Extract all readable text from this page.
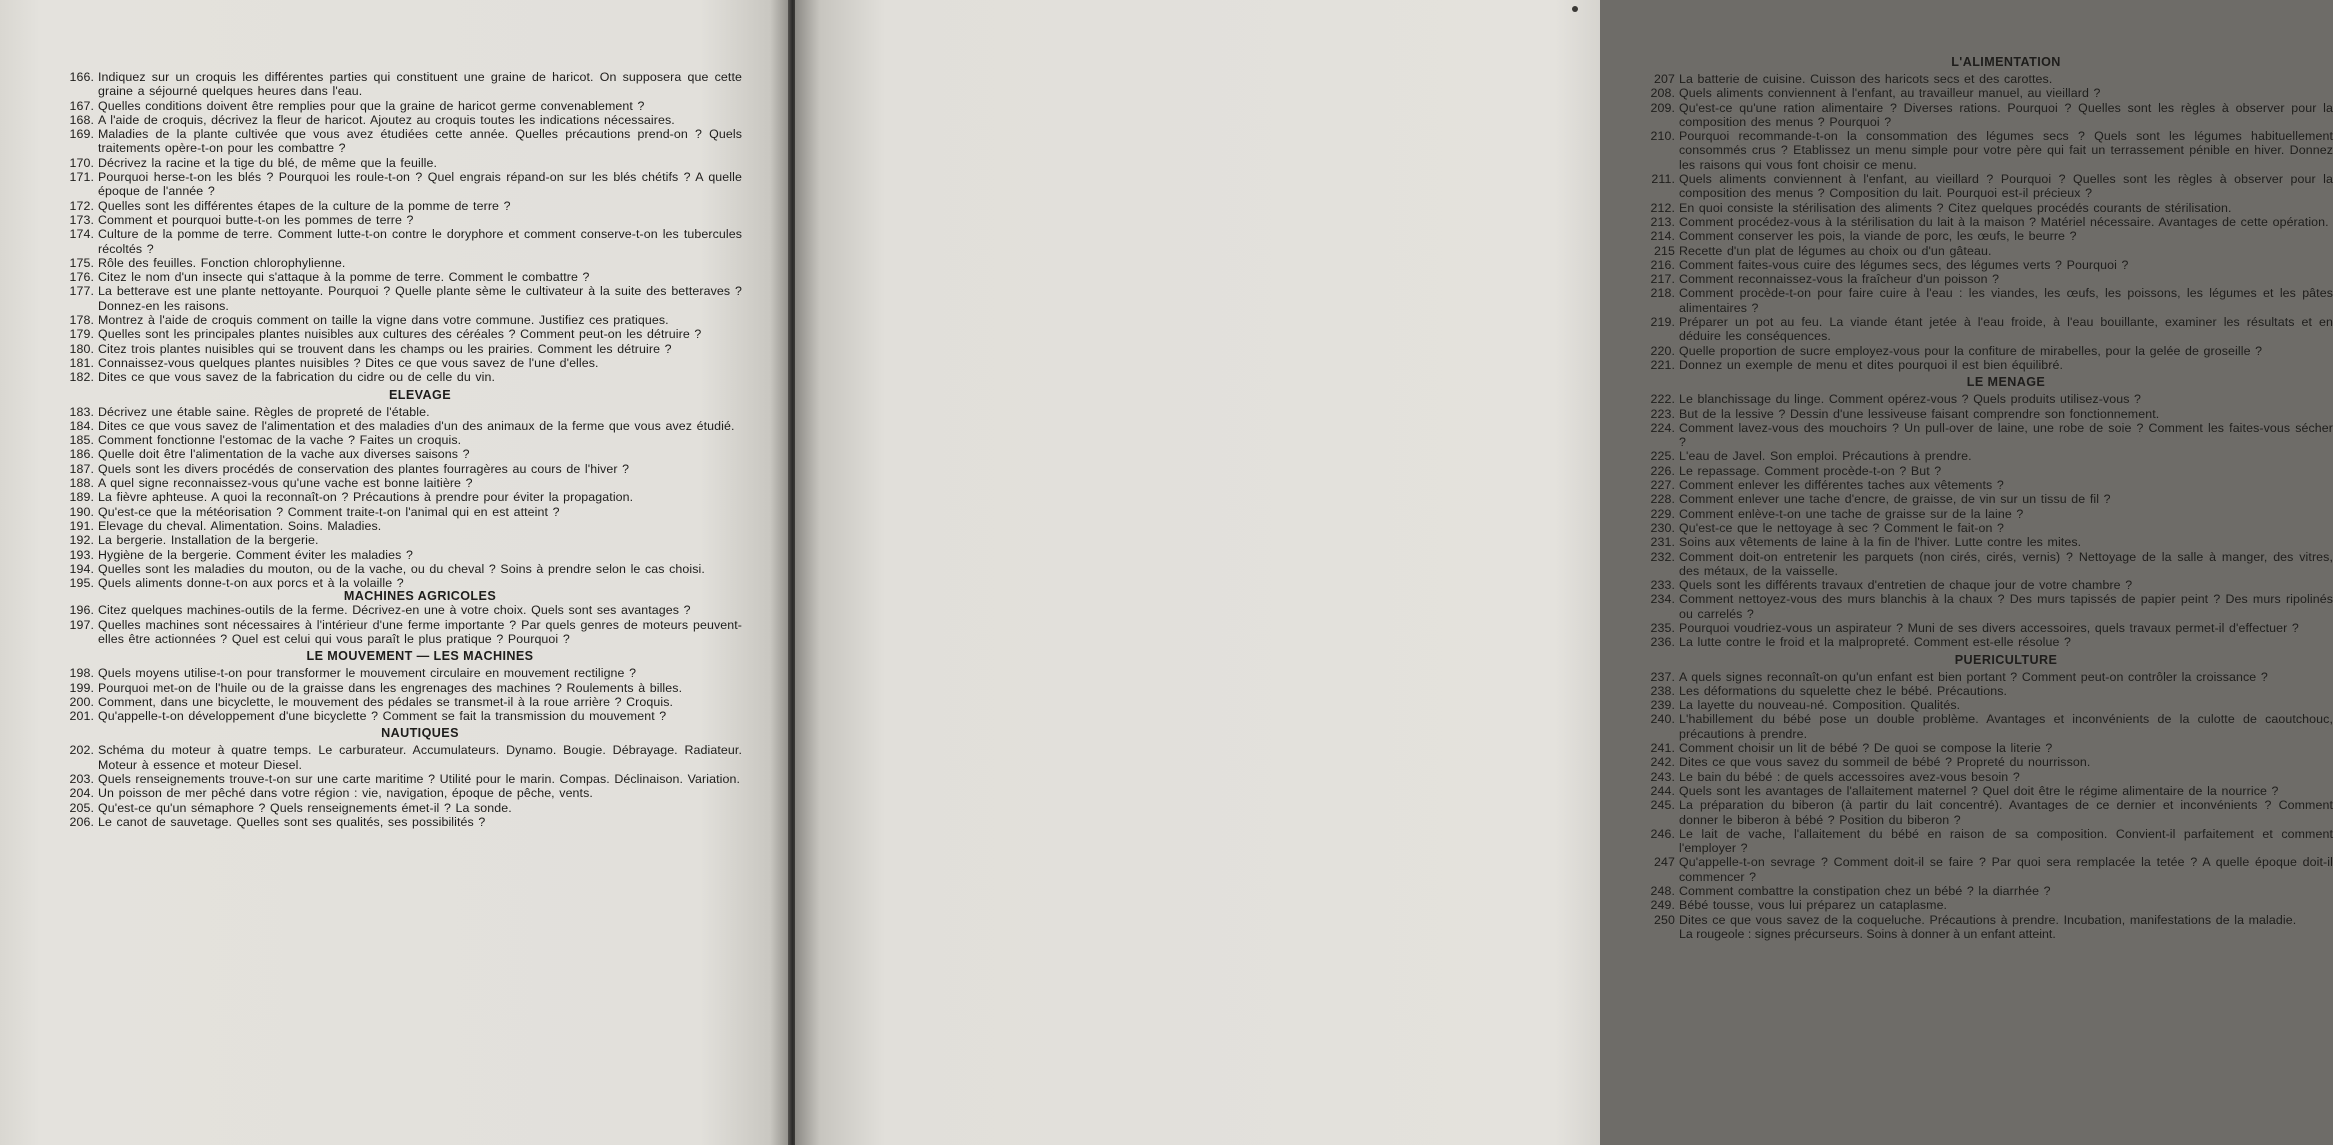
166. Indiquez sur un croquis les différentes parties qui constituent une graine de haricot. On supposera que cette graine a séjourné quelques heures dans l'eau.
167. Quelles conditions doivent être remplies pour que la graine de haricot germe convenablement ?
168. A l'aide de croquis, décrivez la fleur de haricot. Ajoutez au croquis toutes les indications nécessaires.
169. Maladies de la plante cultivée que vous avez étudiées cette année. Quelles précautions prend-on ? Quels traitements opère-t-on pour les combattre ?
170. Décrivez la racine et la tige du blé, de même que la feuille.
171. Pourquoi herse-t-on les blés ? Pourquoi les roule-t-on ? Quel engrais répand-on sur les blés chétifs ? A quelle époque de l'année ?
172. Quelles sont les différentes étapes de la culture de la pomme de terre ?
173. Comment et pourquoi butte-t-on les pommes de terre ?
174. Culture de la pomme de terre. Comment lutte-t-on contre le doryphore et comment conserve-t-on les tubercules récoltés ?
175. Rôle des feuilles. Fonction chlorophylienne.
176. Citez le nom d'un insecte qui s'attaque à la pomme de terre. Comment le combattre ?
177. La betterave est une plante nettoyante. Pourquoi ? Quelle plante sème le cultivateur à la suite des betteraves ? Donnez-en les raisons.
178. Montrez à l'aide de croquis comment on taille la vigne dans votre commune. Justifiez ces pratiques.
179. Quelles sont les principales plantes nuisibles aux cultures des céréales ? Comment peut-on les détruire ?
180. Citez trois plantes nuisibles qui se trouvent dans les champs ou les prairies. Comment les détruire ?
181. Connaissez-vous quelques plantes nuisibles ? Dites ce que vous savez de l'une d'elles.
182. Dites ce que vous savez de la fabrication du cidre ou de celle du vin.
ELEVAGE
183. Décrivez une étable saine. Règles de propreté de l'étable.
184. Dites ce que vous savez de l'alimentation et des maladies d'un des animaux de la ferme que vous avez étudié.
185. Comment fonctionne l'estomac de la vache ? Faites un croquis.
186. Quelle doit être l'alimentation de la vache aux diverses saisons ?
187. Quels sont les divers procédés de conservation des plantes fourragères au cours de l'hiver ?
188. A quel signe reconnaissez-vous qu'une vache est bonne laitière ?
189. La fièvre aphteuse. A quoi la reconnaît-on ? Précautions à prendre pour éviter la propagation.
190. Qu'est-ce que la météorisation ? Comment traite-t-on l'animal qui en est atteint ?
191. Elevage du cheval. Alimentation. Soins. Maladies.
192. La bergerie. Installation de la bergerie.
193. Hygiène de la bergerie. Comment éviter les maladies ?
194. Quelles sont les maladies du mouton, ou de la vache, ou du cheval ? Soins à prendre selon le cas choisi.
195. Quels aliments donne-t-on aux porcs et à la volaille ?
MACHINES AGRICOLES
196. Citez quelques machines-outils de la ferme. Décrivez-en une à votre choix. Quels sont ses avantages ?
197. Quelles machines sont nécessaires à l'intérieur d'une ferme importante ? Par quels genres de moteurs peuvent-elles être actionnées ? Quel est celui qui vous paraît le plus pratique ? Pourquoi ?
LE MOUVEMENT — LES MACHINES
198. Quels moyens utilise-t-on pour transformer le mouvement circulaire en mouvement rectiligne ?
199. Pourquoi met-on de l'huile ou de la graisse dans les engrenages des machines ? Roulements à billes.
200. Comment, dans une bicyclette, le mouvement des pédales se transmet-il à la roue arrière ? Croquis.
201. Qu'appelle-t-on développement d'une bicyclette ? Comment se fait la transmission du mouvement ?
NAUTIQUES
202. Schéma du moteur à quatre temps. Le carburateur. Accumulateurs. Dynamo. Bougie. Débrayage. Radiateur. Moteur à essence et moteur Diesel.
203. Quels renseignements trouve-t-on sur une carte maritime ? Utilité pour le marin. Compas. Déclinaison. Variation.
204. Un poisson de mer pêché dans votre région : vie, navigation, époque de pêche, vents.
205. Qu'est-ce qu'un sémaphore ? Quels renseignements émet-il ? La sonde.
206. Le canot de sauvetage. Quelles sont ses qualités, ses possibilités ?
L'ALIMENTATION
207 La batterie de cuisine. Cuisson des haricots secs et des carottes.
208. Quels aliments conviennent à l'enfant, au travailleur manuel, au vieillard ?
209. Qu'est-ce qu'une ration alimentaire ? Diverses rations. Pourquoi ? Quelles sont les règles à observer pour la composition des menus ? Pourquoi ?
210. Pourquoi recommande-t-on la consommation des légumes secs ? Quels sont les légumes habituellement consommés crus ? Etablissez un menu simple pour votre père qui fait un terrassement pénible en hiver. Donnez les raisons qui vous font choisir ce menu.
211. Quels aliments conviennent à l'enfant, au vieillard ? Pourquoi ? Quelles sont les règles à observer pour la composition des menus ? Composition du lait. Pourquoi est-il précieux ?
212. En quoi consiste la stérilisation des aliments ? Citez quelques procédés courants de stérilisation.
213. Comment procédez-vous à la stérilisation du lait à la maison ? Matériel nécessaire. Avantages de cette opération.
214. Comment conserver les pois, la viande de porc, les œufs, le beurre ?
215 Recette d'un plat de légumes au choix ou d'un gâteau.
216. Comment faites-vous cuire des légumes secs, des légumes verts ? Pourquoi ?
217. Comment reconnaissez-vous la fraîcheur d'un poisson ?
218. Comment procède-t-on pour faire cuire à l'eau : les viandes, les œufs, les poissons, les légumes et les pâtes alimentaires ?
219. Préparer un pot au feu. La viande étant jetée à l'eau froide, à l'eau bouillante, examiner les résultats et en déduire les conséquences.
220. Quelle proportion de sucre employez-vous pour la confiture de mirabelles, pour la gelée de groseille ?
221. Donnez un exemple de menu et dites pourquoi il est bien équilibré.
LE MENAGE
222. Le blanchissage du linge. Comment opérez-vous ? Quels produits utilisez-vous ?
223. But de la lessive ? Dessin d'une lessiveuse faisant comprendre son fonctionnement.
224. Comment lavez-vous des mouchoirs ? Un pull-over de laine, une robe de soie ? Comment les faites-vous sécher ?
225. L'eau de Javel. Son emploi. Précautions à prendre.
226. Le repassage. Comment procède-t-on ? But ?
227. Comment enlever les différentes taches aux vêtements ?
228. Comment enlever une tache d'encre, de graisse, de vin sur un tissu de fil ?
229. Comment enlève-t-on une tache de graisse sur de la laine ?
230. Qu'est-ce que le nettoyage à sec ? Comment le fait-on ?
231. Soins aux vêtements de laine à la fin de l'hiver. Lutte contre les mites.
232. Comment doit-on entretenir les parquets (non cirés, cirés, vernis) ? Nettoyage de la salle à manger, des vitres, des métaux, de la vaisselle.
233. Quels sont les différents travaux d'entretien de chaque jour de votre chambre ?
234. Comment nettoyez-vous des murs blanchis à la chaux ? Des murs tapissés de papier peint ? Des murs ripolinés ou carrelés ?
235. Pourquoi voudriez-vous un aspirateur ? Muni de ses divers accessoires, quels travaux permet-il d'effectuer ?
236. La lutte contre le froid et la malpropreté. Comment est-elle résolue ?
PUERICULTURE
237. A quels signes reconnaît-on qu'un enfant est bien portant ? Comment peut-on contrôler la croissance ?
238. Les déformations du squelette chez le bébé. Précautions.
239. La layette du nouveau-né. Composition. Qualités.
240. L'habillement du bébé pose un double problème. Avantages et inconvénients de la culotte de caoutchouc, précautions à prendre.
241. Comment choisir un lit de bébé ? De quoi se compose la literie ?
242. Dites ce que vous savez du sommeil de bébé ? Propreté du nourrisson.
243. Le bain du bébé : de quels accessoires avez-vous besoin ?
244. Quels sont les avantages de l'allaitement maternel ? Quel doit être le régime alimentaire de la nourrice ?
245. La préparation du biberon (à partir du lait concentré). Avantages de ce dernier et inconvénients ? Comment donner le biberon à bébé ? Position du biberon ?
246. Le lait de vache, l'allaitement du bébé en raison de sa composition. Convient-il parfaitement et comment l'employer ?
247 Qu'appelle-t-on sevrage ? Comment doit-il se faire ? Par quoi sera remplacée la tetée ? A quelle époque doit-il commencer ?
248. Comment combattre la constipation chez un bébé ? la diarrhée ?
249. Bébé tousse, vous lui préparez un cataplasme.
250 Dites ce que vous savez de la coqueluche. Précautions à prendre. Incubation, manifestations de la maladie.
La rougeole : signes précurseurs. Soins à donner à un enfant atteint.
